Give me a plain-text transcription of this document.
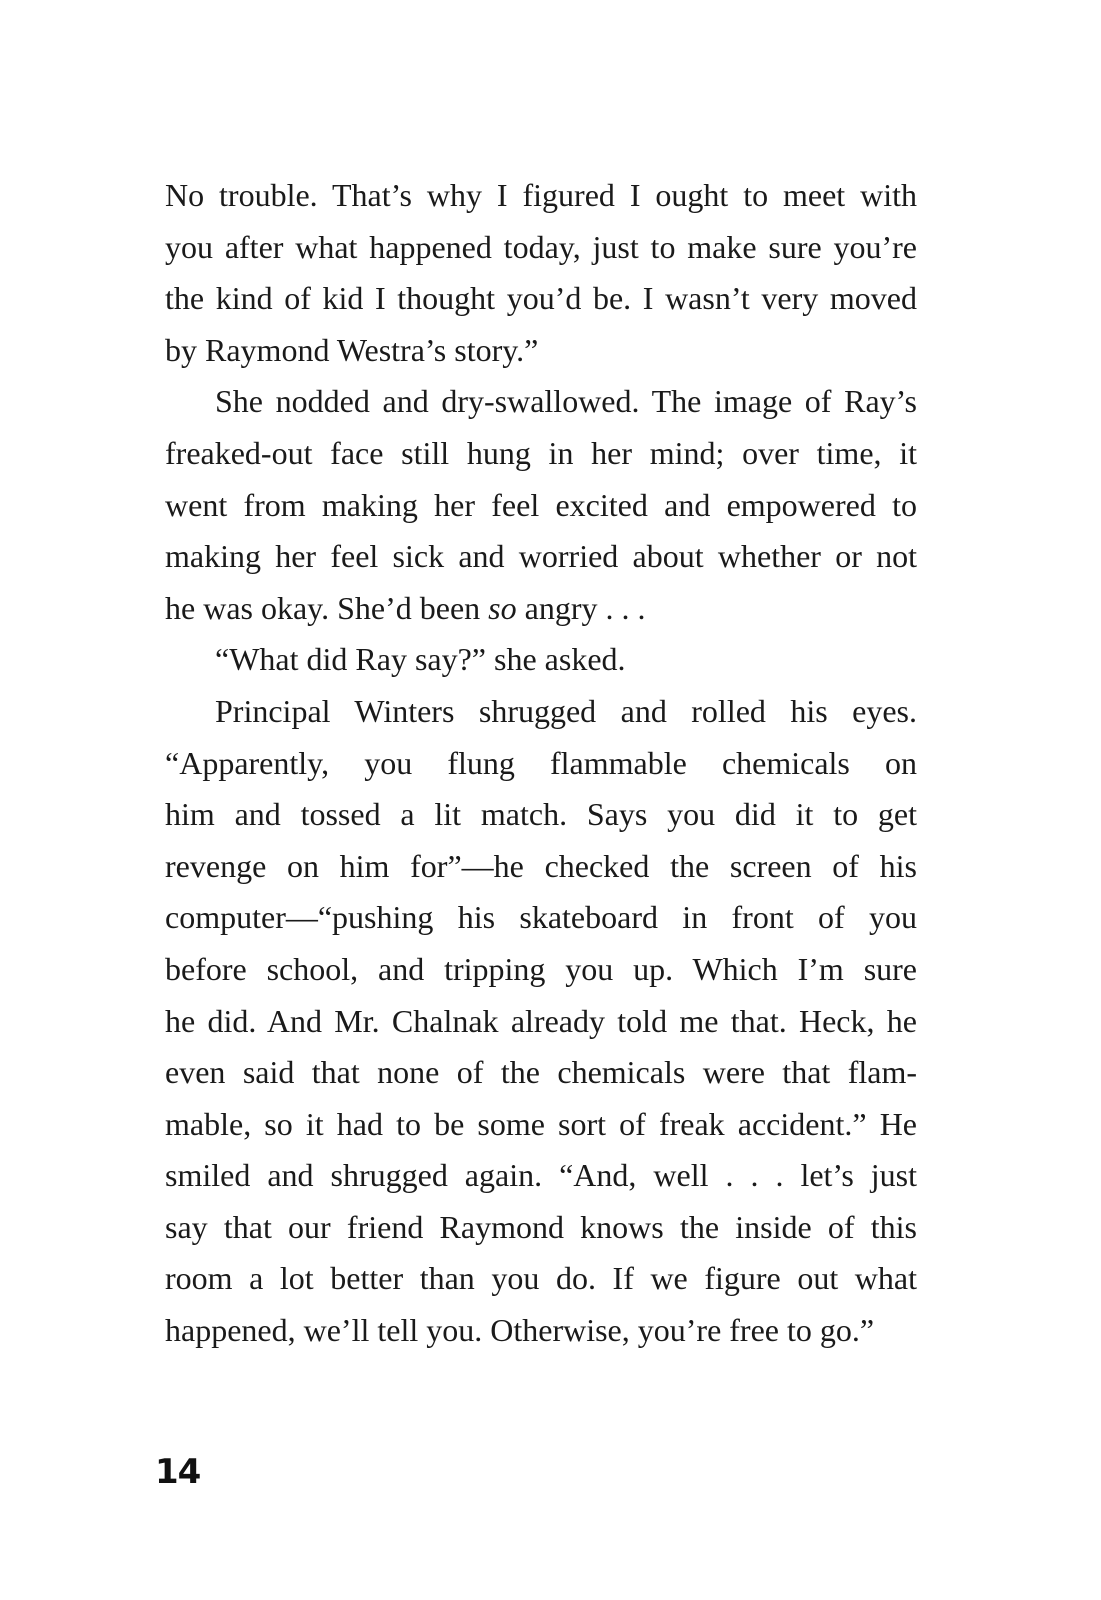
No trouble. That’s why I figured I ought to meet with
you after what happened today, just to make sure you’re
the kind of kid I thought you’d be. I wasn’t very moved
by Raymond Westra’s story.”
She nodded and dry-swallowed. The image of Ray’s
freaked-out face still hung in her mind; over time, it
went from making her feel excited and empowered to
making her feel sick and worried about whether or not
he was okay. She’d been so angry . . .
“What did Ray say?” she asked.
Principal Winters shrugged and rolled his eyes.
“Apparently, you flung flammable chemicals on
him and tossed a lit match. Says you did it to get
revenge on him for”—he checked the screen of his
computer—“pushing his skateboard in front of you
before school, and tripping you up. Which I’m sure
he did. And Mr. Chalnak already told me that. Heck, he
even said that none of the chemicals were that flam-
mable, so it had to be some sort of freak accident.” He
smiled and shrugged again. “And, well . . . let’s just
say that our friend Raymond knows the inside of this
room a lot better than you do. If we figure out what
happened, we’ll tell you. Otherwise, you’re free to go.”
14
